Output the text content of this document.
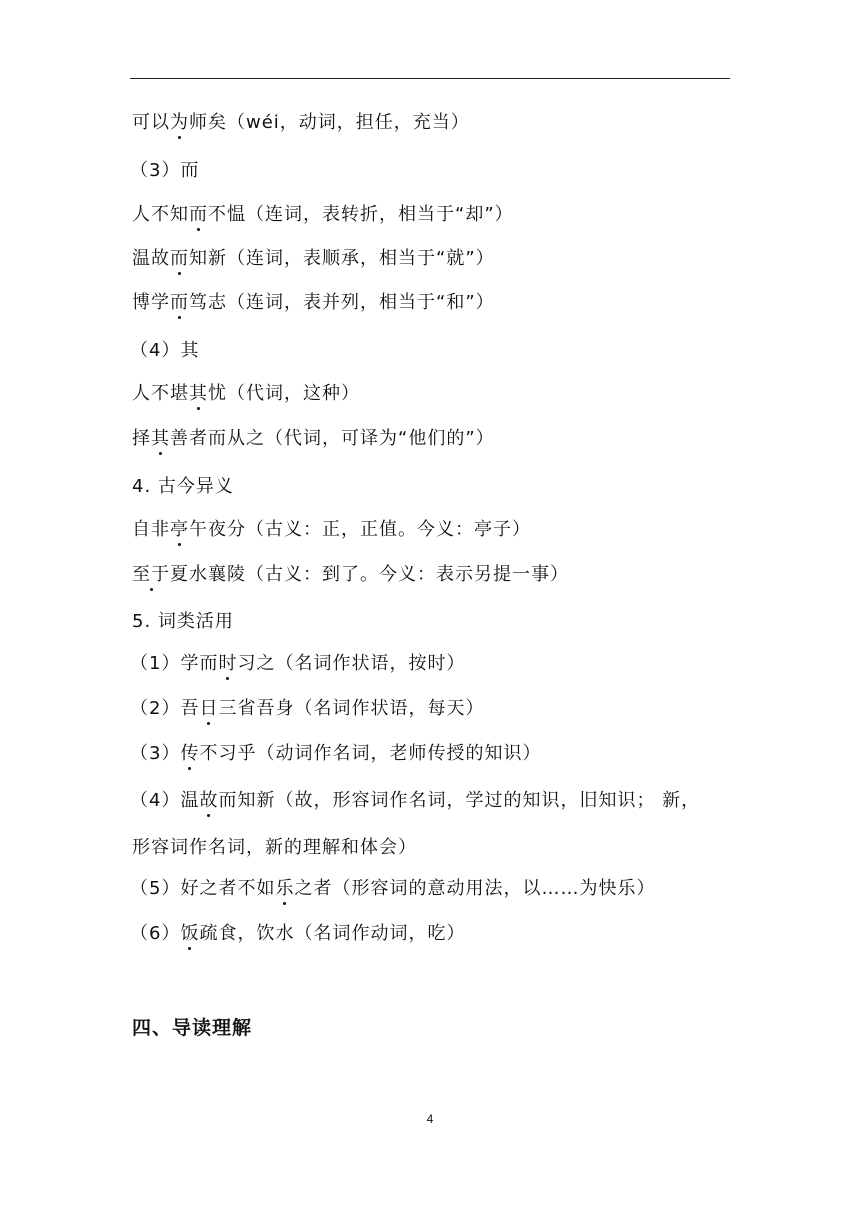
可以为师矣（wéi，动词，担任，充当）
（3）而
人不知而不愠（连词，表转折，相当于“却”）
温故而知新（连词，表顺承，相当于“就”）
博学而笃志（连词，表并列，相当于“和”）
（4）其
人不堪其忧（代词，这种）
择其善者而从之（代词，可译为“他们的”）
4. 古今异义
自非亭午夜分（古义：正，正值。今义：亭子）
至于夏水襄陵（古义：到了。今义：表示另提一事）
5. 词类活用
（1）学而时习之（名词作状语，按时）
（2）吾日三省吾身（名词作状语，每天）
（3）传不习乎（动词作名词，老师传授的知识）
（4）温故而知新（故，形容词作名词，学过的知识，旧知识； 新，
形容词作名词，新的理解和体会）
（5）好之者不如乐之者（形容词的意动用法，以……为快乐）
（6）饭疏食，饮水（名词作动词，吃）
四、导读理解
4
